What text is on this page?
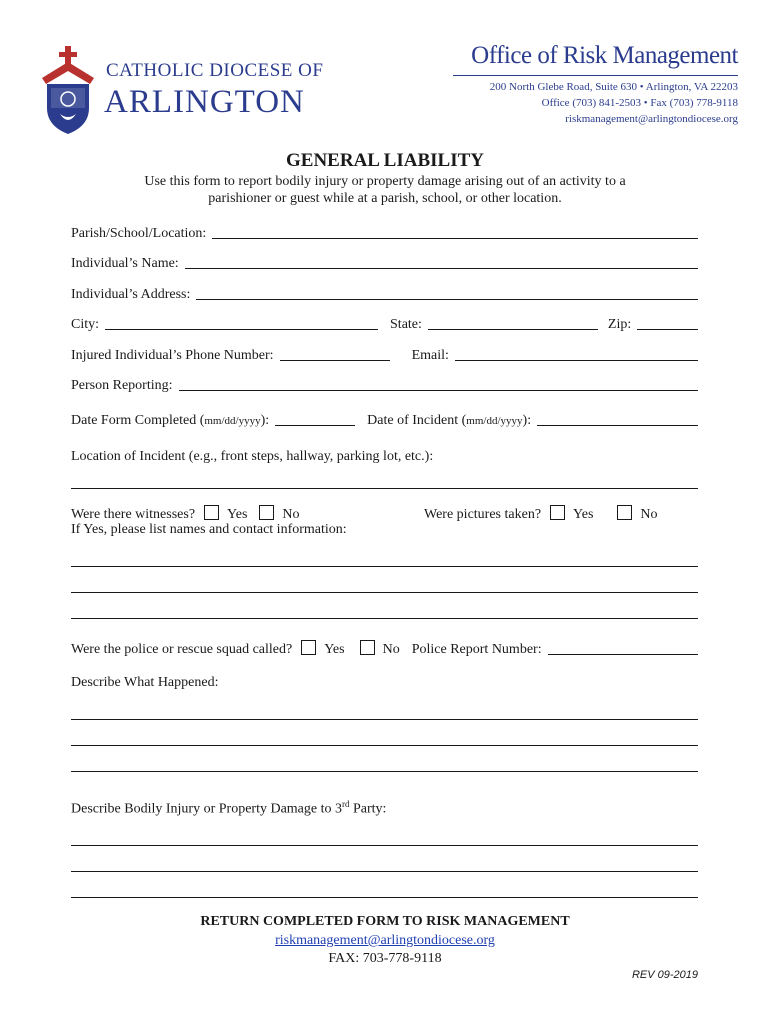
CATHOLIC DIOCESE OF
ARLINGTON
Office of Risk Management
200 North Glebe Road, Suite 630 • Arlington, VA 22203
Office (703) 841-2503 • Fax (703) 778-9118
riskmanagement@arlingtondiocese.org
GENERAL LIABILITY
Use this form to report bodily injury or property damage arising out of an activity to a
parishioner or guest while at a parish, school, or other location.
Parish/School/Location:
Individual’s Name:
Individual’s Address:
City:	State:	Zip:
Injured Individual’s Phone Number:	Email:
Person Reporting:
Date Form Completed (mm/dd/yyyy):	Date of Incident (mm/dd/yyyy):
Location of Incident (e.g., front steps, hallway, parking lot, etc.):
Were there witnesses? Yes	No	Were pictures taken? Yes	No
If Yes, please list names and contact information:
Were the police or rescue squad called? Yes	No Police Report Number:
Describe What Happened:
Describe Bodily Injury or Property Damage to 3rd Party:
RETURN COMPLETED FORM TO RISK MANAGEMENT
riskmanagement@arlingtondiocese.org
FAX: 703-778-9118
REV 09-2019
